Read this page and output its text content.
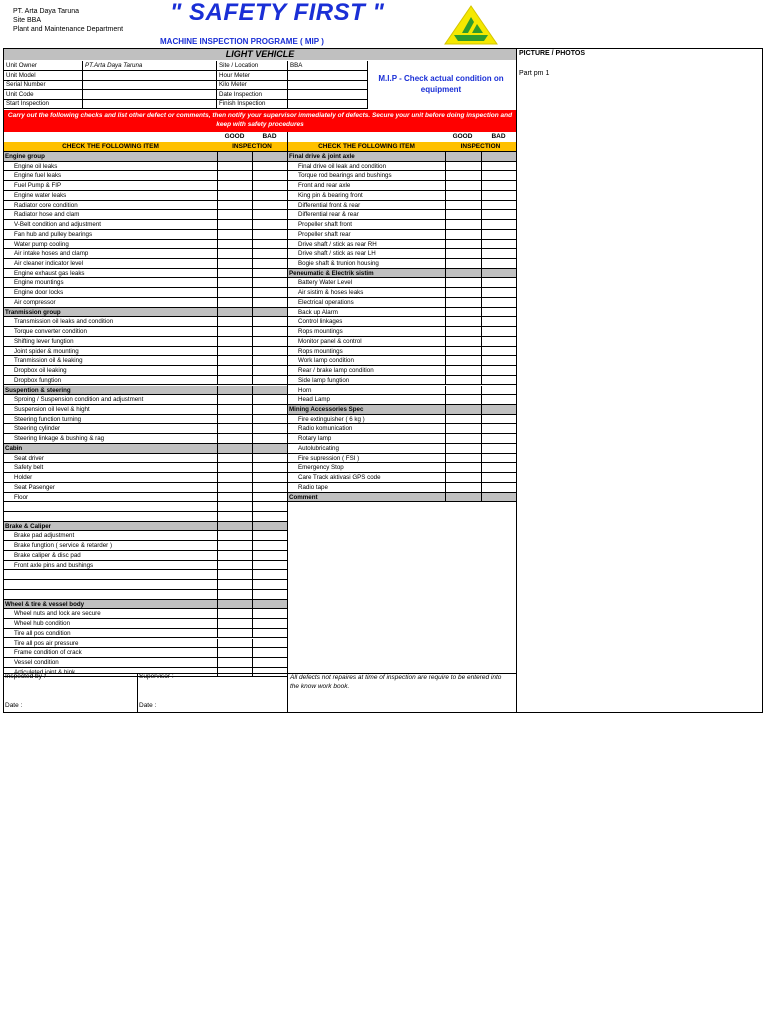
PT. Arta Daya Taruna
Site BBA
Plant and Maintenance Department
" SAFETY FIRST "
MACHINE INSPECTION PROGRAME ( MIP )
LIGHT VEHICLE	PICTURE / PHOTOS
Part pm 1
Unit Owner	PT.Arta Daya Taruna	Site / Location	BBA
Unit Model	Hour Meter
Serial Number	Kilo Meter
Unit Code	Date Inspection
Start Inspection	Finish Inspection
M.I.P - Check actual condition on equipment
Carry out the following checks and list other defect or comments, then notify your supervisor immediately of defects. Secure your unit before doing inspection and keep with safety procedures
GOOD	BAD	GOOD	BAD
CHECK THE FOLLOWING ITEM	INSPECTION	CHECK THE FOLLOWING ITEM	INSPECTION
Engine group
Engine oil leaks
Engine fuel leaks
Fuel Pump & FIP
Engine water leaks
Radiator core condition
Radiator hose and clam
V-Belt condition and adjustment
Fan hub and pulley bearings
Water pump cooling
Air intake hoses and clamp
Air cleaner indicator level
Engine exhaust gas leaks
Engine mountings
Engine door locks
Air compressor
Tranmission group
Transmission oil leaks and condition
Torque converter condition
Shifting lever fungtion
Joint spider & mounting
Tranmission oil & leaking
Dropbox oil leaking
Dropbox fungtion
Suspention & steering
Sproing / Suspension condition and adjustment
Suspension oil level & hight
Steering function turning
Steering cylinder
Steering linkage & bushing & rag
Cabin
Seat driver
Safety belt
Holder
Seat Pasenger
Floor
Brake & Caliper
Brake pad adjustment
Brake fungtion ( service & retarder )
Brake caliper & disc pad
Front axle pins and bushings
Wheel & tire & vessel body
Wheel nuts and lock are secure
Wheel hub condition
Tire all pos condition
Tire all pos air pressure
Frame condition of crack
Vessel condition
Final drive & joint axle
Final drive oil leak and condition
Torque rod bearings and bushings
Front and rear axle
King pin & bearing front
Differential front & rear
Differential rear & rear
Propeller shaft front
Propeller shaft rear
Drive shaft / stick as rear RH
Drive shaft / stick as rear LH
Bogie shaft & trunion housing
Peneumatic & Electrik sistim
Battery Water Level
Air sistim & hoses leaks
Electrical operations
Back up Alarm
Control linkages
Rops mountings
Monitor panel & control
Rops mountings
Work lamp condition
Rear / brake lamp condition
Side lamp fungtion
Horn
Head Lamp
Mining Accessories Spec
Fire extinguisher ( 6 kg )
Radio komunication
Rotary lamp
Autolubricating
Fire supression ( FSI )
Emergency Stop
Care Track aktivasi GPS code
Radio tape
Comment
Inspected by :	Supervisor :
Date :	Date :
All defects not repaires at time of inspection are require to be entered into the know work book.
